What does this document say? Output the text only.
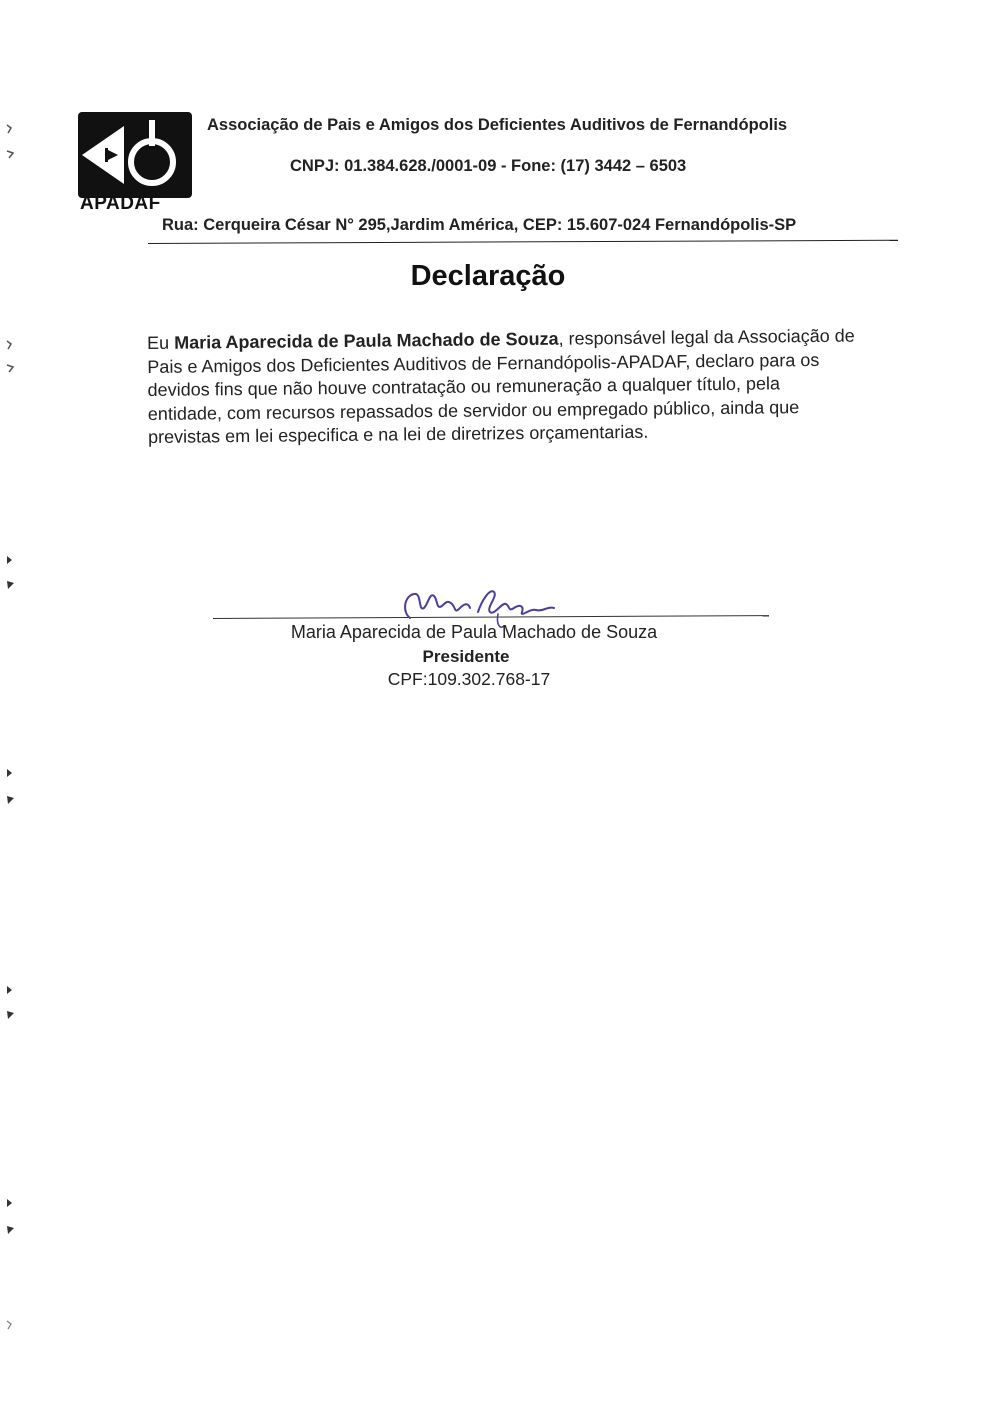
APADAF
Associação de Pais e Amigos dos Deficientes Auditivos de Fernandópolis
CNPJ: 01.384.628./0001-09 - Fone: (17) 3442 – 6503
Rua: Cerqueira César N° 295,Jardim América, CEP: 15.607-024 Fernandópolis-SP
Declaração
Eu Maria Aparecida de Paula Machado de Souza, responsável legal da Associação de Pais e Amigos dos Deficientes Auditivos de Fernandópolis-APADAF, declaro para os devidos fins que não houve contratação ou remuneração a qualquer título, pela entidade, com recursos repassados de servidor ou empregado público, ainda que previstas em lei especifica e na lei de diretrizes orçamentarias.
Maria Aparecida de Paula Machado de Souza
Presidente
CPF:109.302.768-17
